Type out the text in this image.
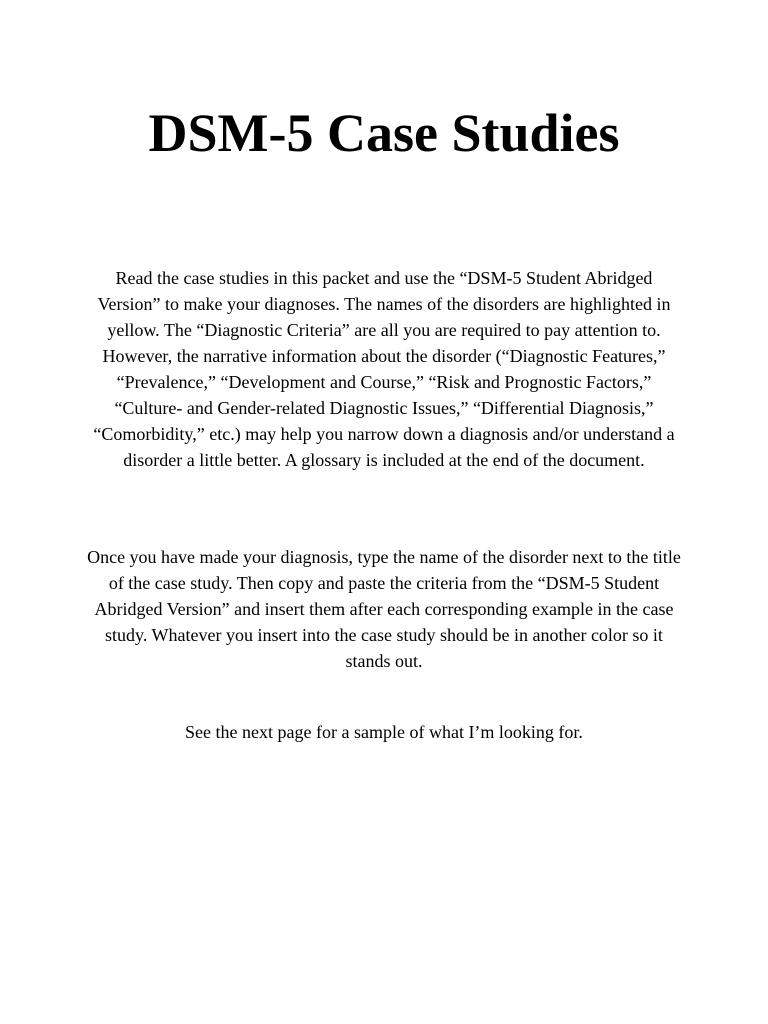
DSM-5 Case Studies

Read the case studies in this packet and use the “DSM-5 Student Abridged Version” to make your diagnoses. The names of the disorders are highlighted in yellow. The “Diagnostic Criteria” are all you are required to pay attention to. However, the narrative information about the disorder (“Diagnostic Features,” “Prevalence,” “Development and Course,” “Risk and Prognostic Factors,” “Culture- and Gender-related Diagnostic Issues,” “Differential Diagnosis,” “Comorbidity,” etc.) may help you narrow down a diagnosis and/or understand a disorder a little better. A glossary is included at the end of the document.

Once you have made your diagnosis, type the name of the disorder next to the title of the case study. Then copy and paste the criteria from the “DSM-5 Student Abridged Version” and insert them after each corresponding example in the case study. Whatever you insert into the case study should be in another color so it stands out.

See the next page for a sample of what I’m looking for.
